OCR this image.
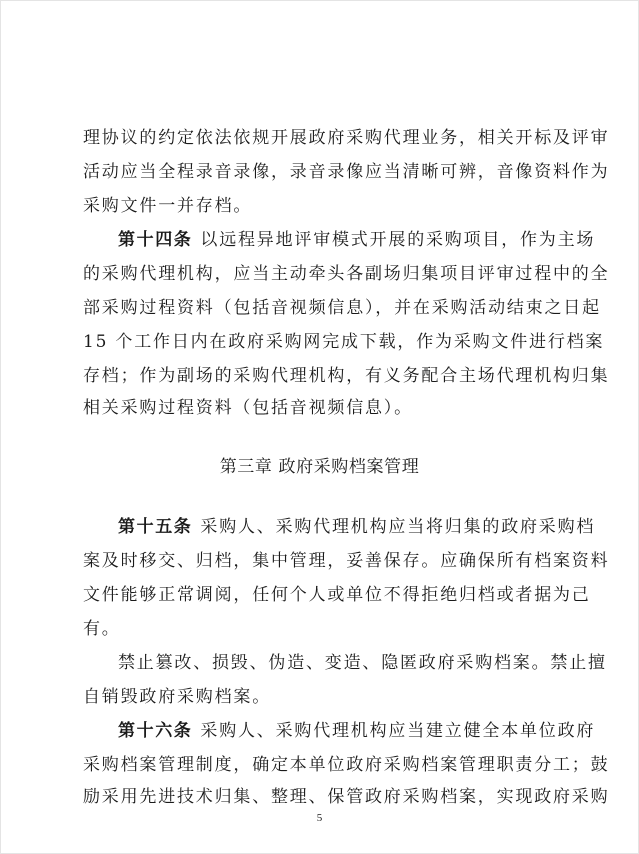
理协议的约定依法依规开展政府采购代理业务，相关开标及评审
活动应当全程录音录像，录音录像应当清晰可辨，音像资料作为
采购文件一并存档。
第十四条 以远程异地评审模式开展的采购项目，作为主场
的采购代理机构，应当主动牵头各副场归集项目评审过程中的全
部采购过程资料（包括音视频信息），并在采购活动结束之日起
15 个工作日内在政府采购网完成下载，作为采购文件进行档案
存档；作为副场的采购代理机构，有义务配合主场代理机构归集
相关采购过程资料（包括音视频信息）。
第三章 政府采购档案管理
第十五条 采购人、采购代理机构应当将归集的政府采购档
案及时移交、归档，集中管理，妥善保存。应确保所有档案资料
文件能够正常调阅，任何个人或单位不得拒绝归档或者据为己
有。
禁止篡改、损毁、伪造、变造、隐匿政府采购档案。禁止擅
自销毁政府采购档案。
第十六条 采购人、采购代理机构应当建立健全本单位政府
采购档案管理制度，确定本单位政府采购档案管理职责分工；鼓
励采用先进技术归集、整理、保管政府采购档案，实现政府采购
5
